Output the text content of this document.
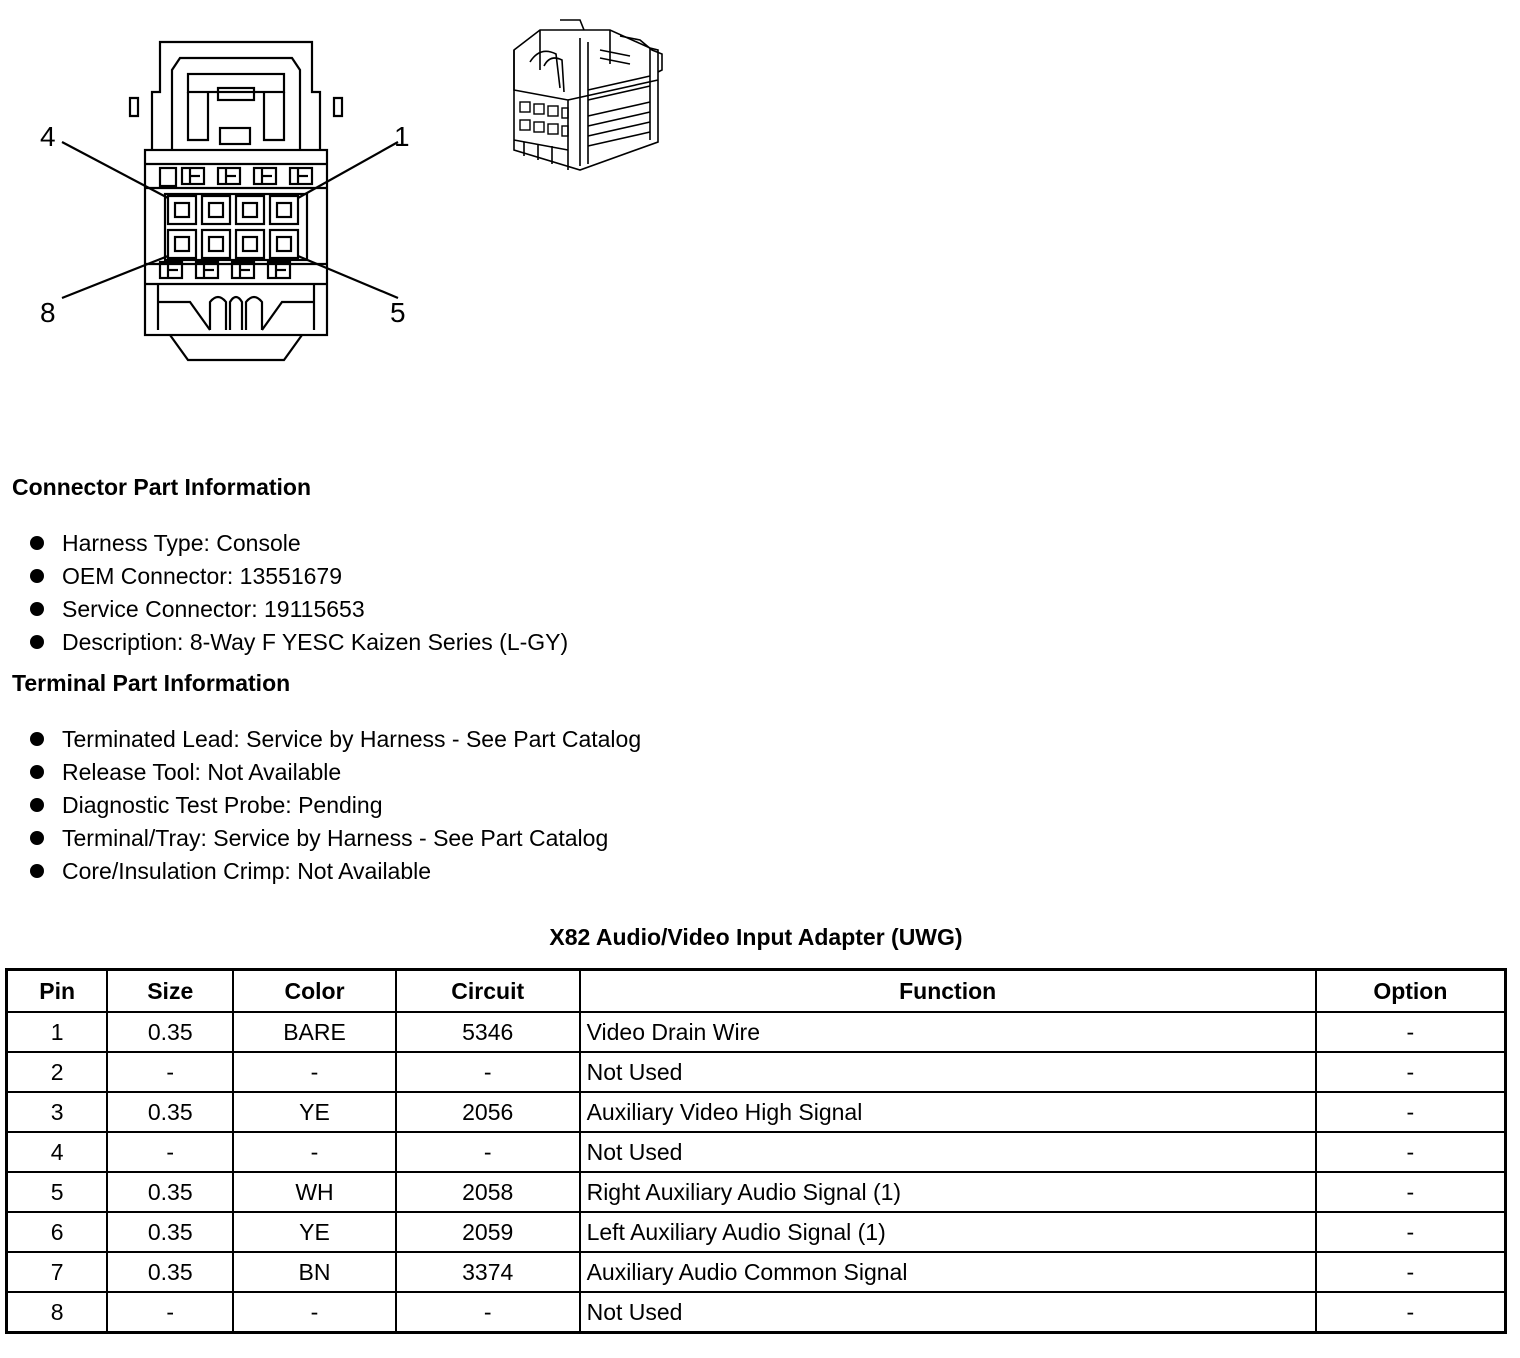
4	1
8	5
Connector Part Information
Harness Type: Console
OEM Connector: 13551679
Service Connector: 19115653
Description: 8-Way F YESC Kaizen Series (L-GY)
Terminal Part Information
Terminated Lead: Service by Harness - See Part Catalog
Release Tool: Not Available
Diagnostic Test Probe: Pending
Terminal/Tray: Service by Harness - See Part Catalog
Core/Insulation Crimp: Not Available
X82 Audio/Video Input Adapter (UWG)
Pin	Size	Color	Circuit	Function	Option
1	0.35	BARE	5346	Video Drain Wire	-
2	-	-	-	Not Used	-
3	0.35	YE	2056	Auxiliary Video High Signal	-
4	-	-	-	Not Used	-
5	0.35	WH	2058	Right Auxiliary Audio Signal (1)	-
6	0.35	YE	2059	Left Auxiliary Audio Signal (1)	-
7	0.35	BN	3374	Auxiliary Audio Common Signal	-
8	-	-	-	Not Used	-
